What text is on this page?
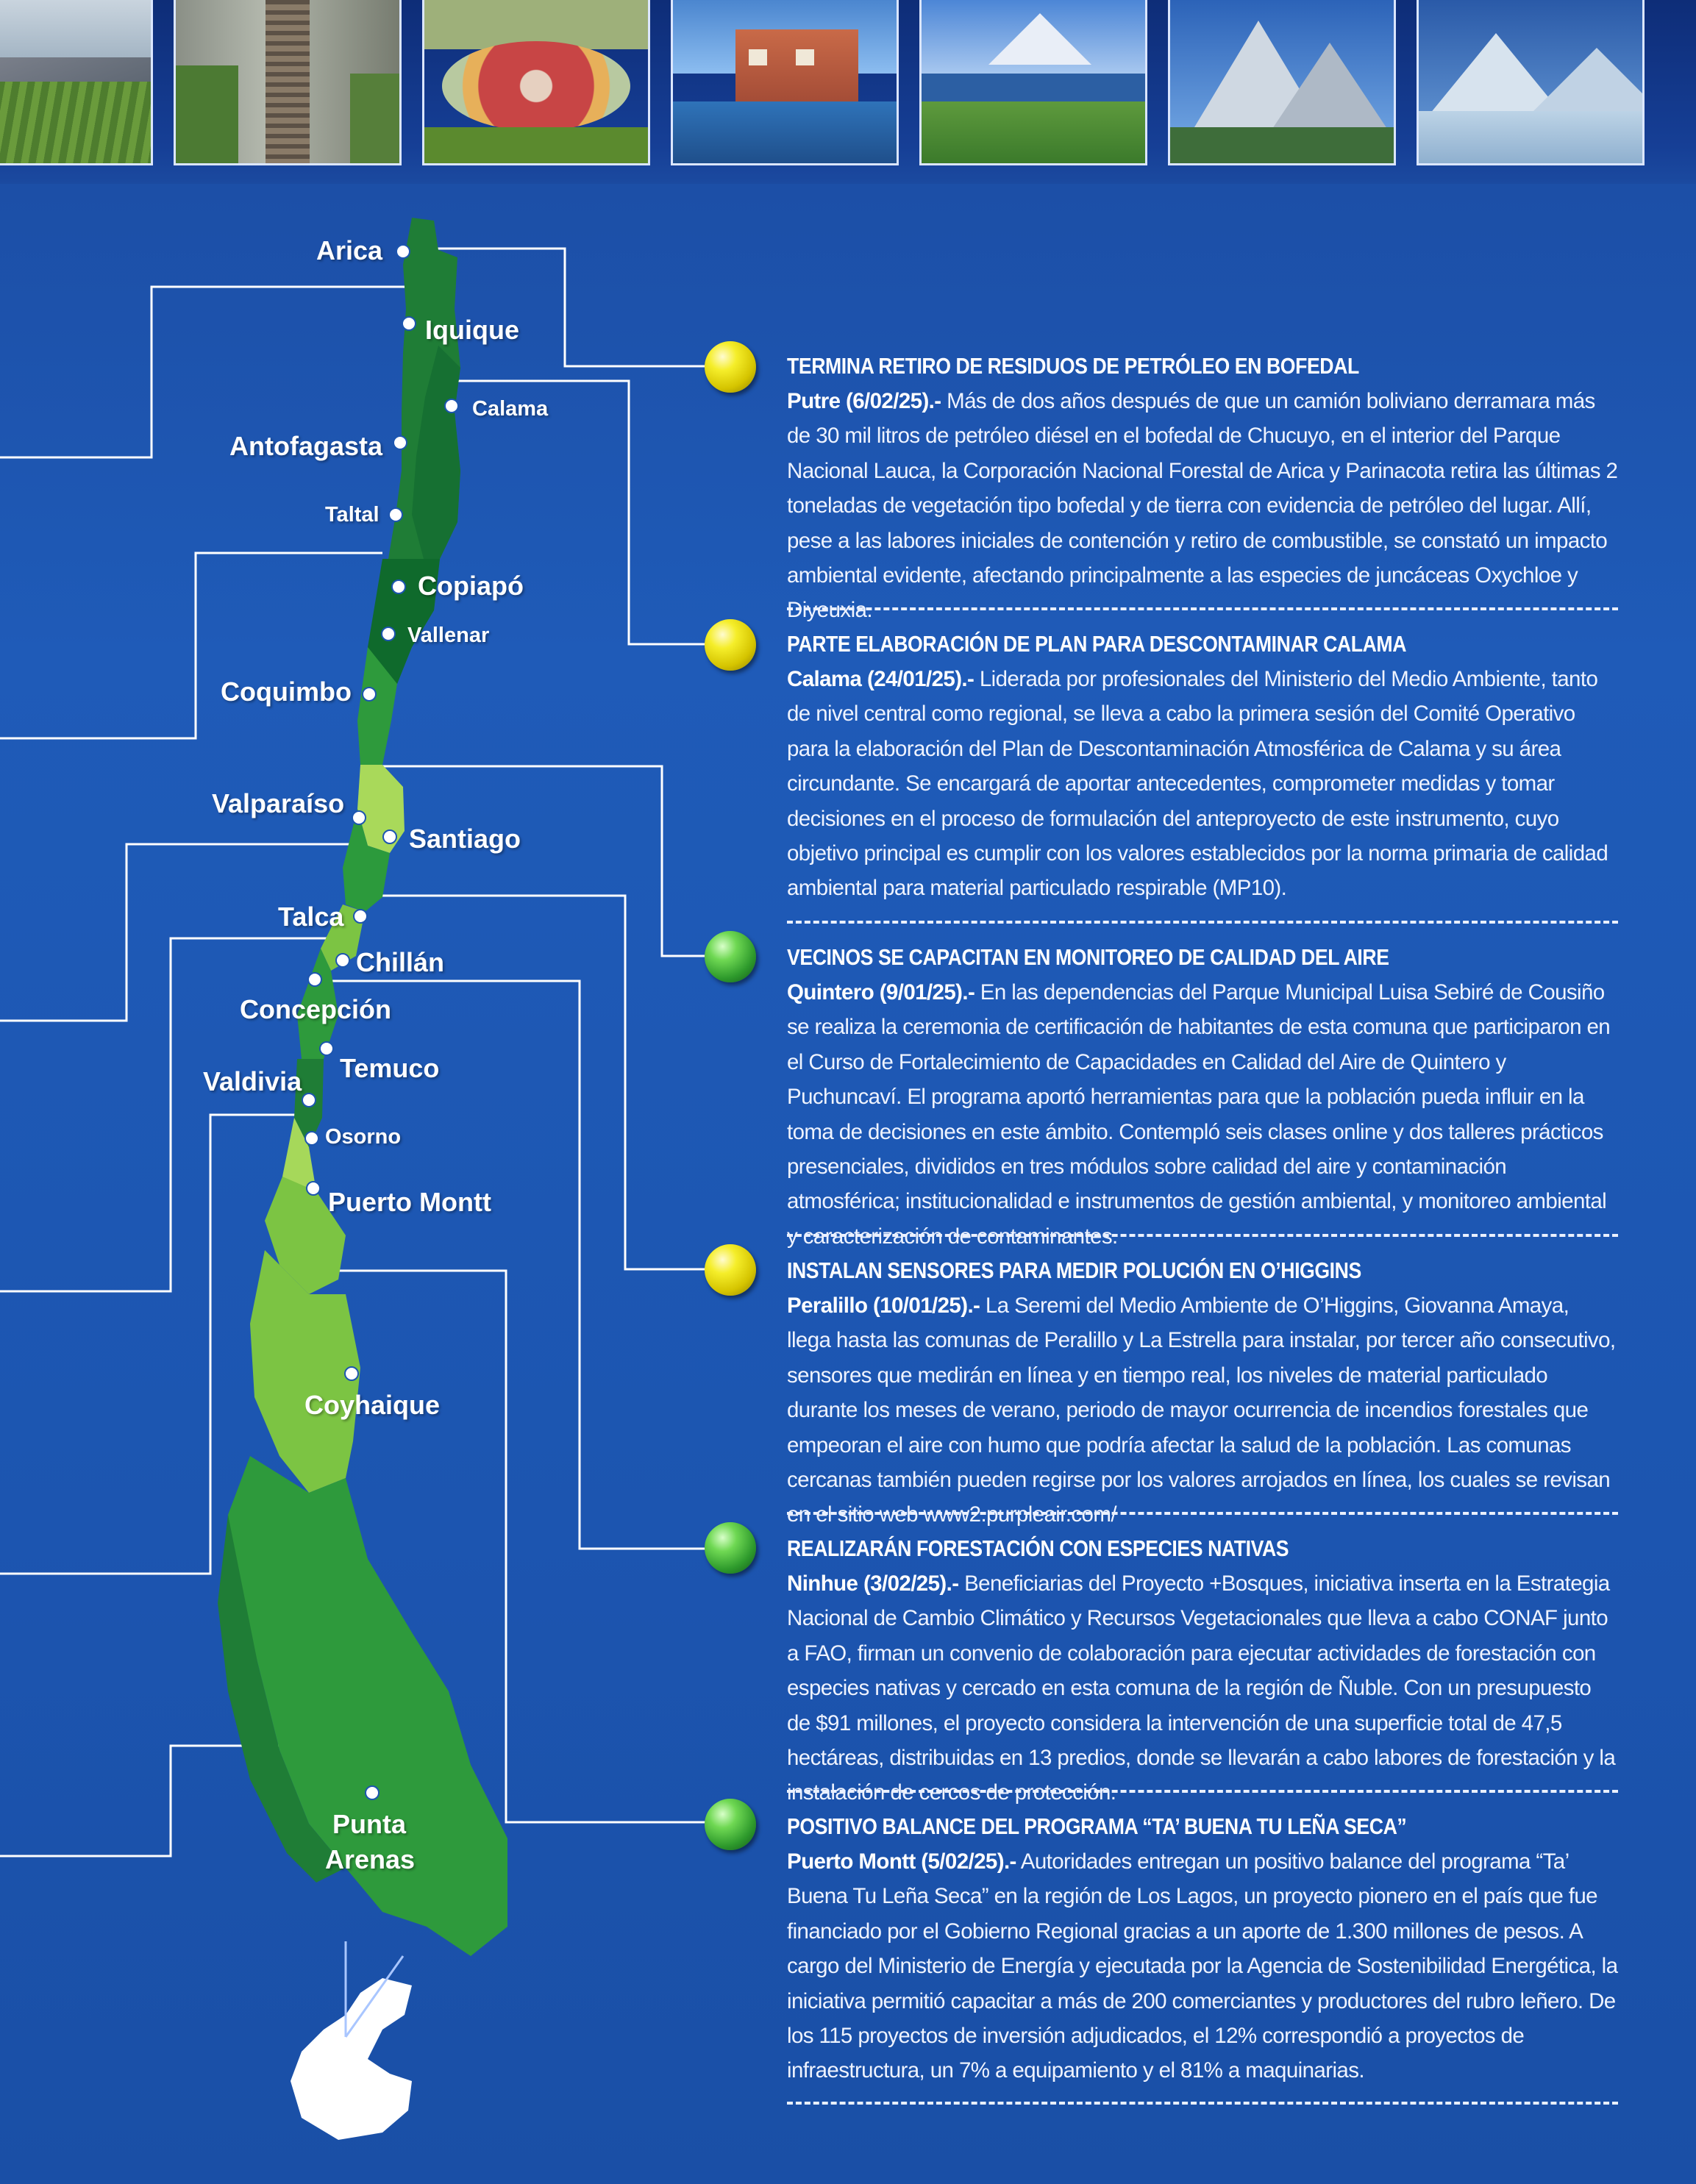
Arica
Iquique
Calama
Antofagasta
Taltal
Copiapó
Vallenar
Coquimbo
Valparaíso
Santiago
Talca
Chillán
Concepción
Temuco
Valdivia
Osorno
Puerto Montt
Coyhaique
Punta
Arenas
TERMINA RETIRO DE RESIDUOS DE PETRÓLEO EN BOFEDAL

Putre (6/02/25).- Más de dos años después de que un camión boliviano derramara más de 30 mil litros de petróleo diésel en el bofedal de Chucuyo, en el interior del Parque Nacional Lauca, la Corporación Nacional Forestal de Arica y Parinacota retira las últimas 2 toneladas de vegetación tipo bofedal y de tierra con evidencia de petróleo del lugar. Allí, pese a las labores iniciales de contención y retiro de combustible, se constató un impacto ambiental evidente, afectando principalmente a las especies de juncáceas Oxychloe y Diyeuxia.

PARTE ELABORACIÓN DE PLAN PARA DESCONTAMINAR CALAMA

Calama (24/01/25).- Liderada por profesionales del Ministerio del Medio Ambiente, tanto de nivel central como regional, se lleva a cabo la primera sesión del Comité Operativo para la elaboración del Plan de Descontaminación Atmosférica de Calama y su área circundante. Se encargará de aportar antecedentes, comprometer medidas y tomar decisiones en el proceso de formulación del anteproyecto de este instrumento, cuyo objetivo principal es cumplir con los valores establecidos por la norma primaria de calidad ambiental para material particulado respirable (MP10).

VECINOS SE CAPACITAN EN MONITOREO DE CALIDAD DEL AIRE

Quintero (9/01/25).- En las dependencias del Parque Municipal Luisa Sebiré de Cousiño se realiza la ceremonia de certificación de habitantes de esta comuna que participaron en el Curso de Fortalecimiento de Capacidades en Calidad del Aire de Quintero y Puchuncaví. El programa aportó herramientas para que la población pueda influir en la toma de decisiones en este ámbito. Contempló seis clases online y dos talleres prácticos presenciales, divididos en tres módulos sobre calidad del aire y contaminación atmosférica; institucionalidad e instrumentos de gestión ambiental, y monitoreo ambiental y caracterización de contaminantes.

INSTALAN SENSORES PARA MEDIR POLUCIÓN EN O’HIGGINS

Peralillo (10/01/25).- La Seremi del Medio Ambiente de O’Higgins, Giovanna Amaya, llega hasta las comunas de Peralillo y La Estrella para instalar, por tercer año consecutivo, sensores que medirán en línea y en tiempo real, los niveles de material particulado durante los meses de verano, periodo de mayor ocurrencia de incendios forestales que empeoran el aire con humo que podría afectar la salud de la población. Las comunas cercanas también pueden regirse por los valores arrojados en línea, los cuales se revisan en el sitio web www2.purpleair.com/

REALIZARÁN FORESTACIÓN CON ESPECIES NATIVAS

Ninhue (3/02/25).- Beneficiarias del Proyecto +Bosques, iniciativa inserta en la Estrategia Nacional de Cambio Climático y Recursos Vegetacionales que lleva a cabo CONAF junto a FAO, firman un convenio de colaboración para ejecutar actividades de forestación con especies nativas y cercado en esta comuna de la región de Ñuble. Con un presupuesto de $91 millones, el proyecto considera la intervención de una superficie total de 47,5 hectáreas, distribuidas en 13 predios, donde se llevarán a cabo labores de forestación y la instalación de cercos de protección.

POSITIVO BALANCE DEL PROGRAMA “TA’ BUENA TU LEÑA SECA”

Puerto Montt (5/02/25).- Autoridades entregan un positivo balance del programa “Ta’ Buena Tu Leña Seca” en la región de Los Lagos, un proyecto pionero en el país que fue financiado por el Gobierno Regional gracias a un aporte de 1.300 millones de pesos. A cargo del Ministerio de Energía y ejecutada por la Agencia de Sostenibilidad Energética, la iniciativa permitió capacitar a más de 200 comerciantes y productores del rubro leñero. De los 115 proyectos de inversión adjudicados, el 12% correspondió a proyectos de infraestructura, un 7% a equipamiento y el 81% a maquinarias.
